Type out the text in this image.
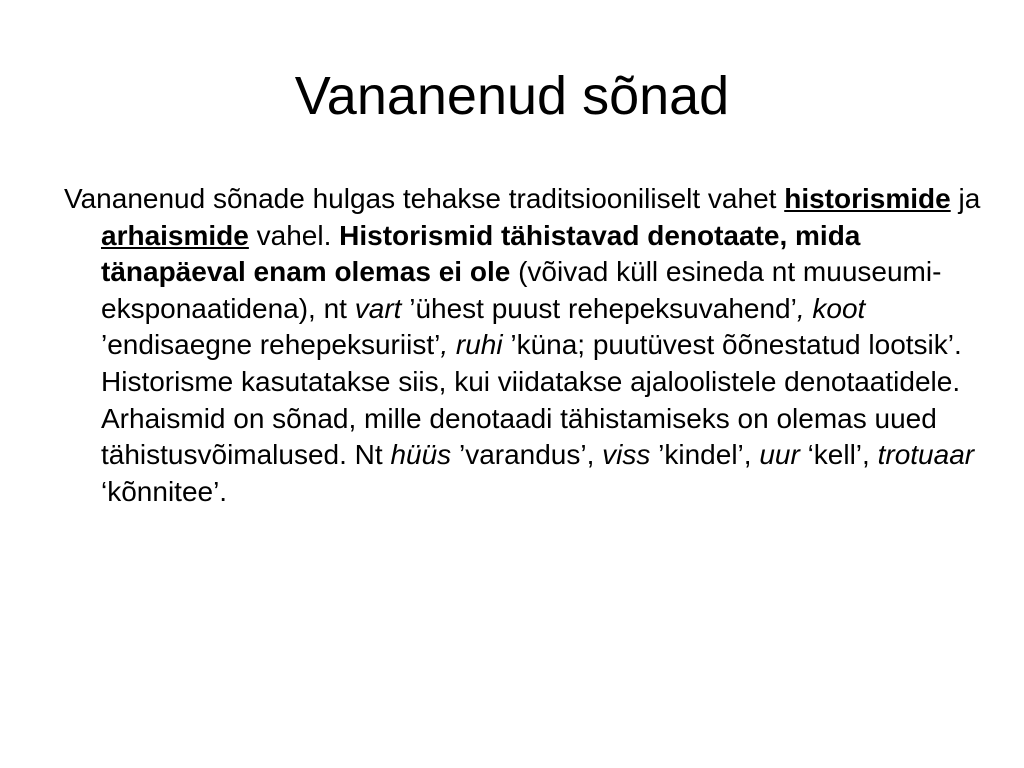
Vananenud sõnad
Vananenud sõnade hulgas tehakse traditsiooniliselt vahet historismide ja arhaismide vahel. Historismid tähistavad denotaate, mida tänapäeval enam olemas ei ole (võivad küll esineda nt muuseumi-eksponaatidena), nt vart ’ühest puust rehepeksuvahend’, koot ’endisaegne rehepeksuriist’, ruhi ’küna; puutüvest õõnestatud lootsik’. Historisme kasutatakse siis, kui viidatakse ajaloolistele denotaatidele. Arhaismid on sõnad, mille denotaadi tähistamiseks on olemas uued tähistusvõimalused. Nt hüüs ’varandus’, viss ’kindel’, uur ‘kell’, trotuaar ‘kõnnitee’.
